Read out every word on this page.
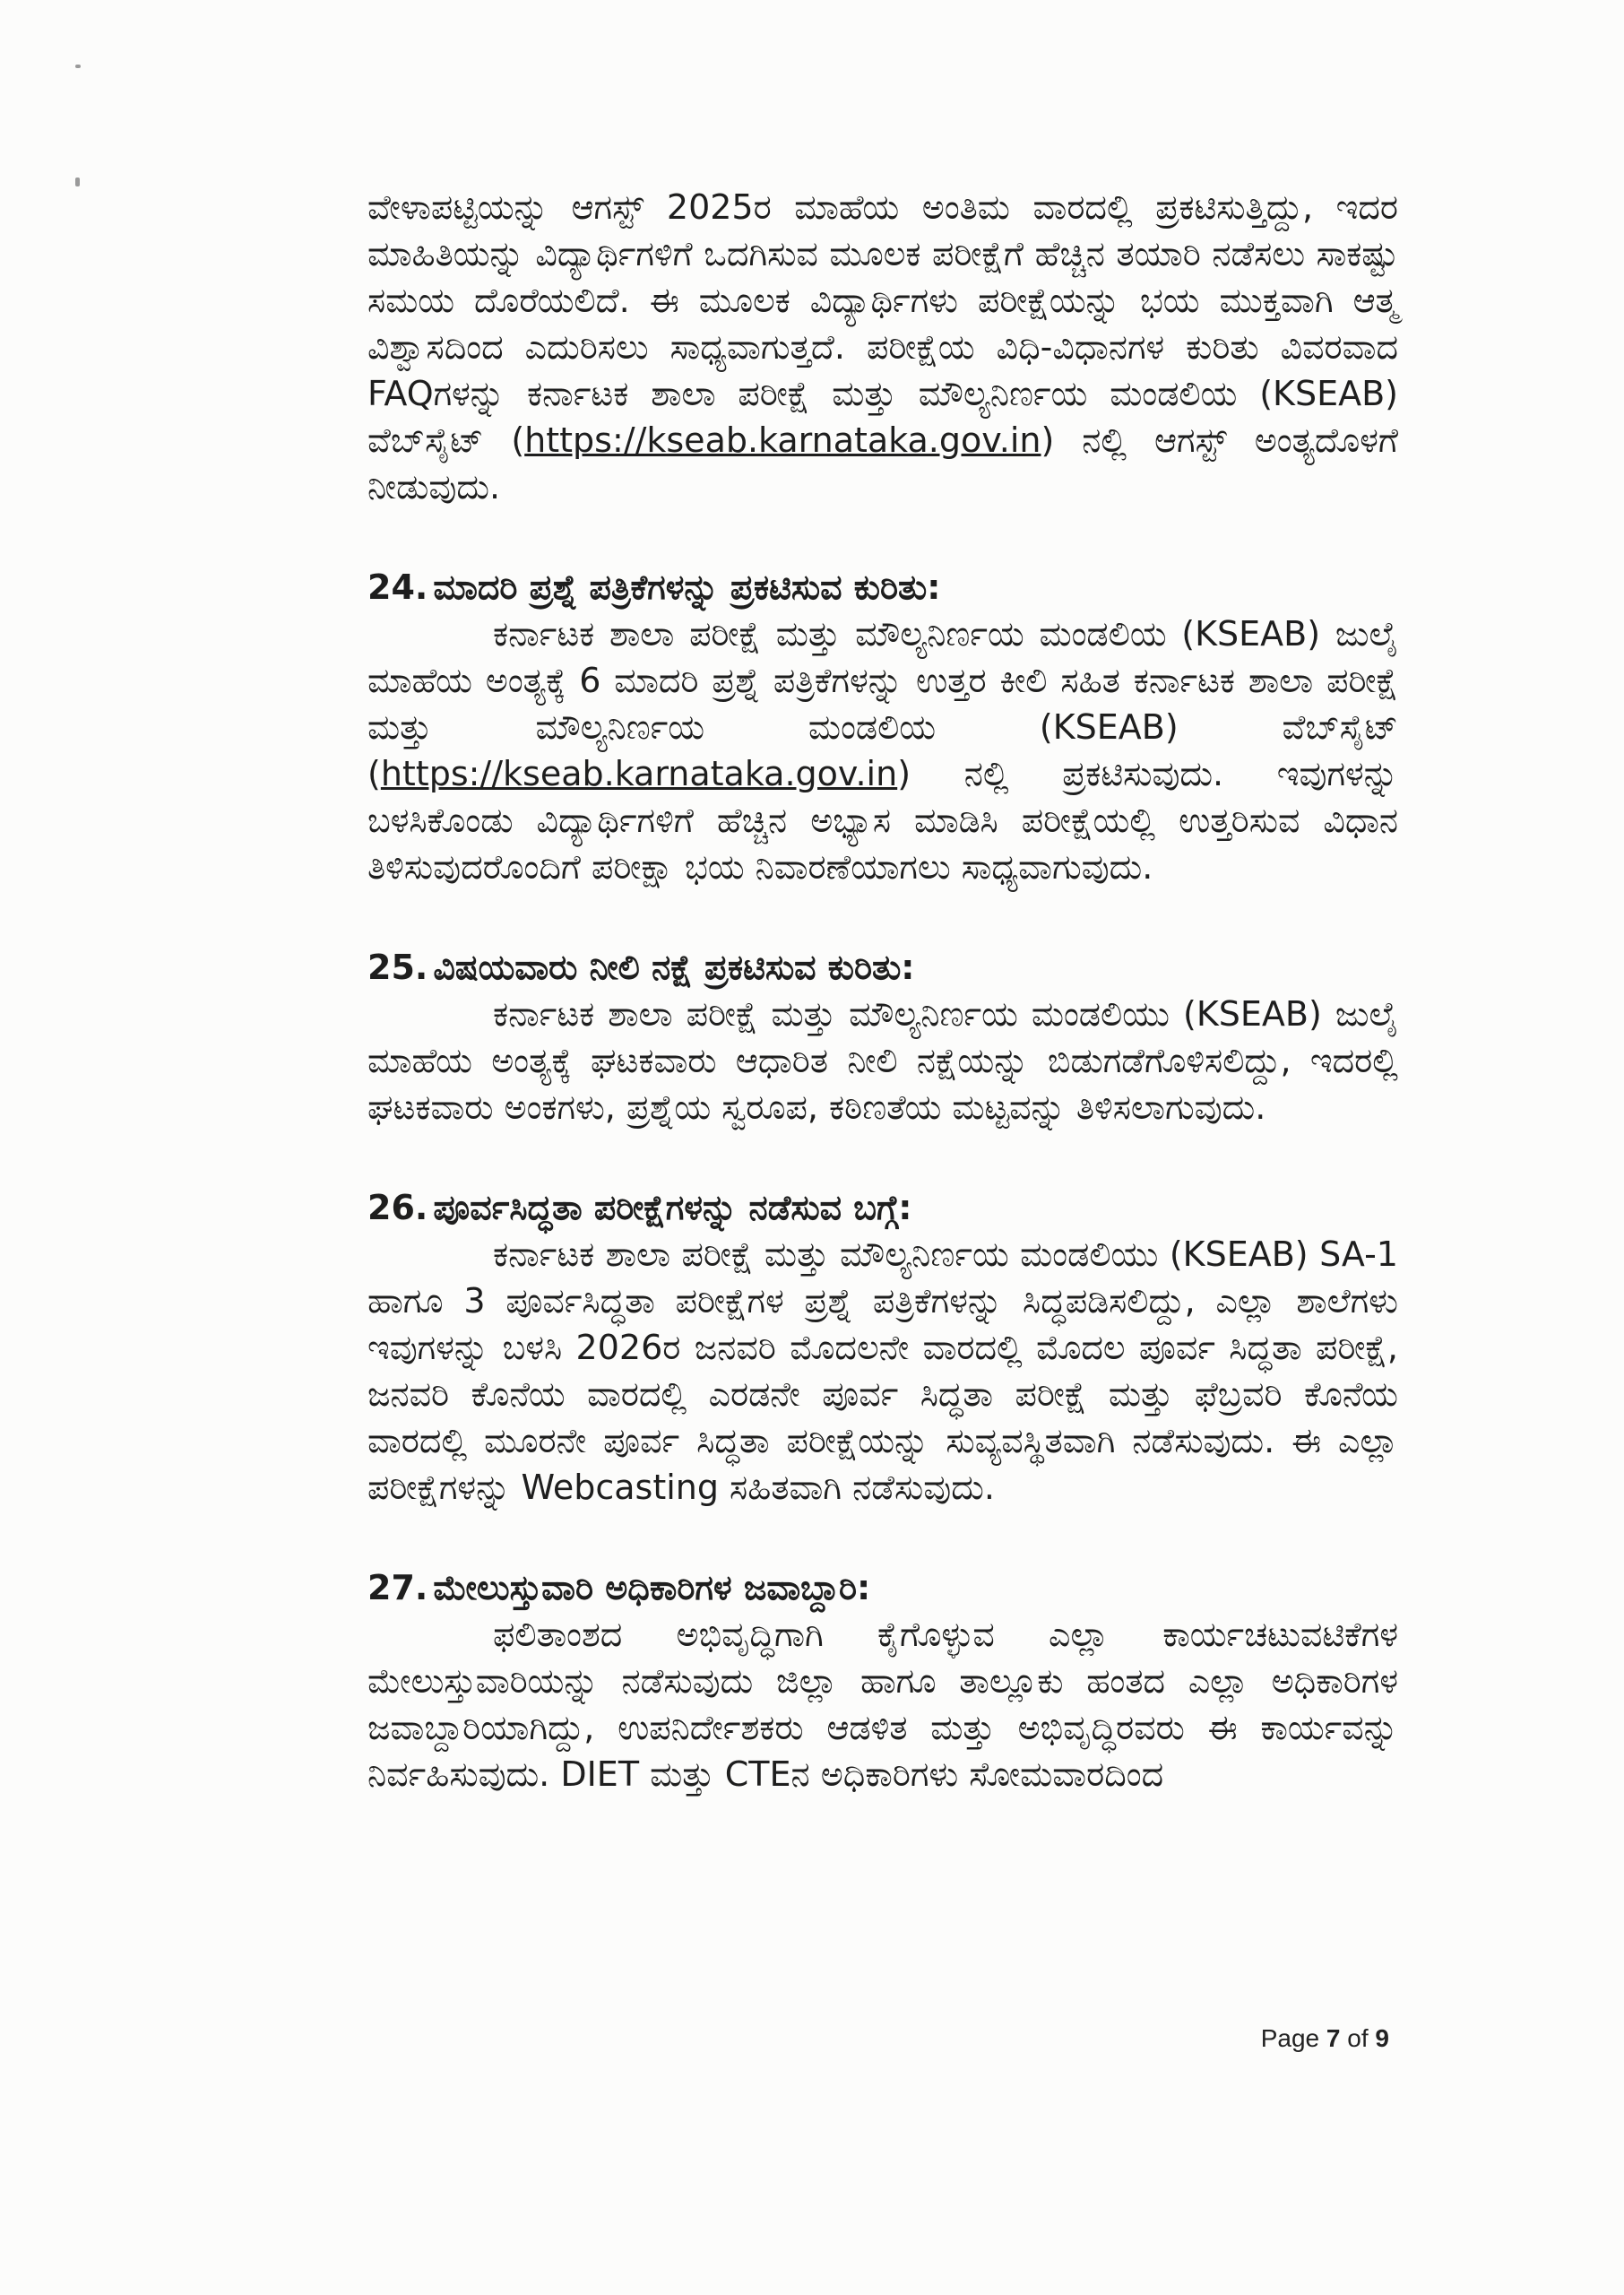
ವೇಳಾಪಟ್ಟಿಯನ್ನು ಆಗಸ್ಟ್ 2025ರ ಮಾಹೆಯ ಅಂತಿಮ ವಾರದಲ್ಲಿ ಪ್ರಕಟಿಸುತ್ತಿದ್ದು, ಇದರ ಮಾಹಿತಿಯನ್ನು ವಿದ್ಯಾರ್ಥಿಗಳಿಗೆ ಒದಗಿಸುವ ಮೂಲಕ ಪರೀಕ್ಷೆಗೆ ಹೆಚ್ಚಿನ ತಯಾರಿ ನಡೆಸಲು ಸಾಕಷ್ಟು ಸಮಯ ದೊರೆಯಲಿದೆ. ಈ ಮೂಲಕ ವಿದ್ಯಾರ್ಥಿಗಳು ಪರೀಕ್ಷೆಯನ್ನು ಭಯ ಮುಕ್ತವಾಗಿ ಆತ್ಮ ವಿಶ್ವಾಸದಿಂದ ಎದುರಿಸಲು ಸಾಧ್ಯವಾಗುತ್ತದೆ. ಪರೀಕ್ಷೆಯ ವಿಧಿ-ವಿಧಾನಗಳ ಕುರಿತು ವಿವರವಾದ FAQಗಳನ್ನು ಕರ್ನಾಟಕ ಶಾಲಾ ಪರೀಕ್ಷೆ ಮತ್ತು ಮೌಲ್ಯನಿರ್ಣಯ ಮಂಡಲಿಯ (KSEAB) ವೆಬ್‌ಸೈಟ್ (https://kseab.karnataka.gov.in) ನಲ್ಲಿ ಆಗಸ್ಟ್ ಅಂತ್ಯದೊಳಗೆ ನೀಡುವುದು.

24. ಮಾದರಿ ಪ್ರಶ್ನೆ ಪತ್ರಿಕೆಗಳನ್ನು ಪ್ರಕಟಿಸುವ ಕುರಿತು:

ಕರ್ನಾಟಕ ಶಾಲಾ ಪರೀಕ್ಷೆ ಮತ್ತು ಮೌಲ್ಯನಿರ್ಣಯ ಮಂಡಲಿಯ (KSEAB) ಜುಲೈ ಮಾಹೆಯ ಅಂತ್ಯಕ್ಕೆ 6 ಮಾದರಿ ಪ್ರಶ್ನೆ ಪತ್ರಿಕೆಗಳನ್ನು ಉತ್ತರ ಕೀಲಿ ಸಹಿತ ಕರ್ನಾಟಕ ಶಾಲಾ ಪರೀಕ್ಷೆ ಮತ್ತು ಮೌಲ್ಯನಿರ್ಣಯ ಮಂಡಲಿಯ (KSEAB) ವೆಬ್‌ಸೈಟ್ (https://kseab.karnataka.gov.in) ನಲ್ಲಿ ಪ್ರಕಟಿಸುವುದು. ಇವುಗಳನ್ನು ಬಳಸಿಕೊಂಡು ವಿದ್ಯಾರ್ಥಿಗಳಿಗೆ ಹೆಚ್ಚಿನ ಅಭ್ಯಾಸ ಮಾಡಿಸಿ ಪರೀಕ್ಷೆಯಲ್ಲಿ ಉತ್ತರಿಸುವ ವಿಧಾನ ತಿಳಿಸುವುದರೊಂದಿಗೆ ಪರೀಕ್ಷಾ ಭಯ ನಿವಾರಣೆಯಾಗಲು ಸಾಧ್ಯವಾಗುವುದು.

25. ವಿಷಯವಾರು ನೀಲಿ ನಕ್ಷೆ ಪ್ರಕಟಿಸುವ ಕುರಿತು:

ಕರ್ನಾಟಕ ಶಾಲಾ ಪರೀಕ್ಷೆ ಮತ್ತು ಮೌಲ್ಯನಿರ್ಣಯ ಮಂಡಲಿಯು (KSEAB) ಜುಲೈ ಮಾಹೆಯ ಅಂತ್ಯಕ್ಕೆ ಘಟಕವಾರು ಆಧಾರಿತ ನೀಲಿ ನಕ್ಷೆಯನ್ನು ಬಿಡುಗಡೆಗೊಳಿಸಲಿದ್ದು, ಇದರಲ್ಲಿ ಘಟಕವಾರು ಅಂಕಗಳು, ಪ್ರಶ್ನೆಯ ಸ್ವರೂಪ, ಕಠಿಣತೆಯ ಮಟ್ಟವನ್ನು ತಿಳಿಸಲಾಗುವುದು.

26. ಪೂರ್ವಸಿದ್ಧತಾ ಪರೀಕ್ಷೆಗಳನ್ನು ನಡೆಸುವ ಬಗ್ಗೆ:

ಕರ್ನಾಟಕ ಶಾಲಾ ಪರೀಕ್ಷೆ ಮತ್ತು ಮೌಲ್ಯನಿರ್ಣಯ ಮಂಡಲಿಯು (KSEAB) SA-1 ಹಾಗೂ 3 ಪೂರ್ವಸಿದ್ಧತಾ ಪರೀಕ್ಷೆಗಳ ಪ್ರಶ್ನೆ ಪತ್ರಿಕೆಗಳನ್ನು ಸಿದ್ಧಪಡಿಸಲಿದ್ದು, ಎಲ್ಲಾ ಶಾಲೆಗಳು ಇವುಗಳನ್ನು ಬಳಸಿ 2026ರ ಜನವರಿ ಮೊದಲನೇ ವಾರದಲ್ಲಿ ಮೊದಲ ಪೂರ್ವ ಸಿದ್ಧತಾ ಪರೀಕ್ಷೆ, ಜನವರಿ ಕೊನೆಯ ವಾರದಲ್ಲಿ ಎರಡನೇ ಪೂರ್ವ ಸಿದ್ಧತಾ ಪರೀಕ್ಷೆ ಮತ್ತು ಫೆಬ್ರವರಿ ಕೊನೆಯ ವಾರದಲ್ಲಿ ಮೂರನೇ ಪೂರ್ವ ಸಿದ್ಧತಾ ಪರೀಕ್ಷೆಯನ್ನು ಸುವ್ಯವಸ್ಥಿತವಾಗಿ ನಡೆಸುವುದು. ಈ ಎಲ್ಲಾ ಪರೀಕ್ಷೆಗಳನ್ನು Webcasting ಸಹಿತವಾಗಿ ನಡೆಸುವುದು.

27. ಮೇಲುಸ್ತುವಾರಿ ಅಧಿಕಾರಿಗಳ ಜವಾಬ್ದಾರಿ:

ಫಲಿತಾಂಶದ ಅಭಿವೃದ್ಧಿಗಾಗಿ ಕೈಗೊಳ್ಳುವ ಎಲ್ಲಾ ಕಾರ್ಯಚಟುವಟಿಕೆಗಳ ಮೇಲುಸ್ತುವಾರಿಯನ್ನು ನಡೆಸುವುದು ಜಿಲ್ಲಾ ಹಾಗೂ ತಾಲ್ಲೂಕು ಹಂತದ ಎಲ್ಲಾ ಅಧಿಕಾರಿಗಳ ಜವಾಬ್ದಾರಿಯಾಗಿದ್ದು, ಉಪನಿರ್ದೇಶಕರು ಆಡಳಿತ ಮತ್ತು ಅಭಿವೃದ್ಧಿರವರು ಈ ಕಾರ್ಯವನ್ನು ನಿರ್ವಹಿಸುವುದು. DIET ಮತ್ತು CTEನ ಅಧಿಕಾರಿಗಳು ಸೋಮವಾರದಿಂದ

Page 7 of 9
